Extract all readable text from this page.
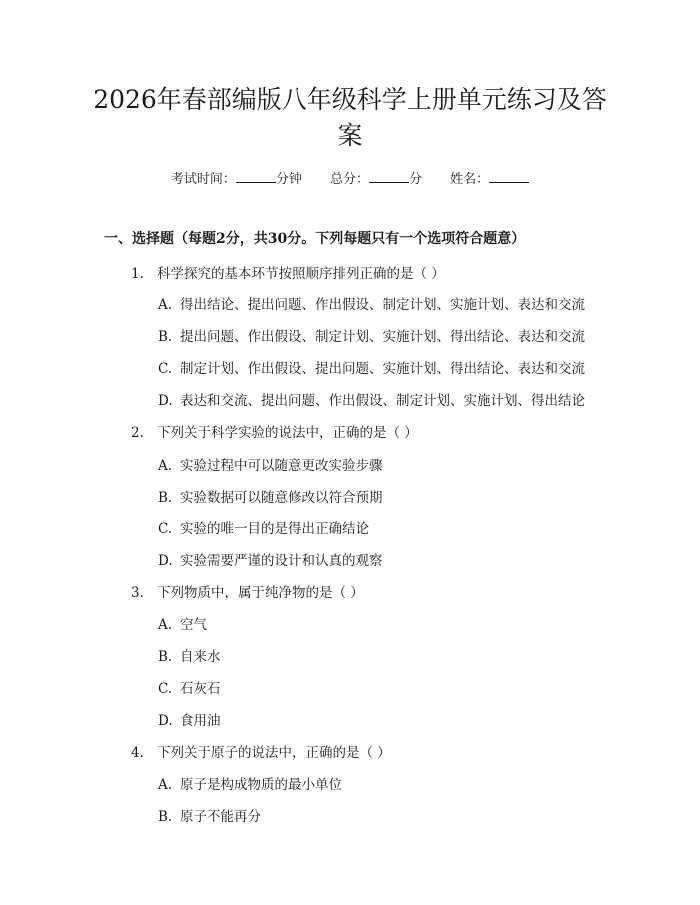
2026年春部编版八年级科学上册单元练习及答案
考试时间：	分钟 总分：	分 姓名：
一、选择题（每题2分，共30分。下列每题只有一个选项符合题意）
1. 科学探究的基本环节按照顺序排列正确的是（ ）
A. 得出结论、提出问题、作出假设、制定计划、实施计划、表达和交流
B. 提出问题、作出假设、制定计划、实施计划、得出结论、表达和交流
C. 制定计划、作出假设、提出问题、实施计划、得出结论、表达和交流
D. 表达和交流、提出问题、作出假设、制定计划、实施计划、得出结论
2. 下列关于科学实验的说法中，正确的是（ ）
A. 实验过程中可以随意更改实验步骤
B. 实验数据可以随意修改以符合预期
C. 实验的唯一目的是得出正确结论
D. 实验需要严谨的设计和认真的观察
3. 下列物质中，属于纯净物的是（ ）
A. 空气
B. 自来水
C. 石灰石
D. 食用油
4. 下列关于原子的说法中，正确的是（ ）
A. 原子是构成物质的最小单位
B. 原子不能再分
